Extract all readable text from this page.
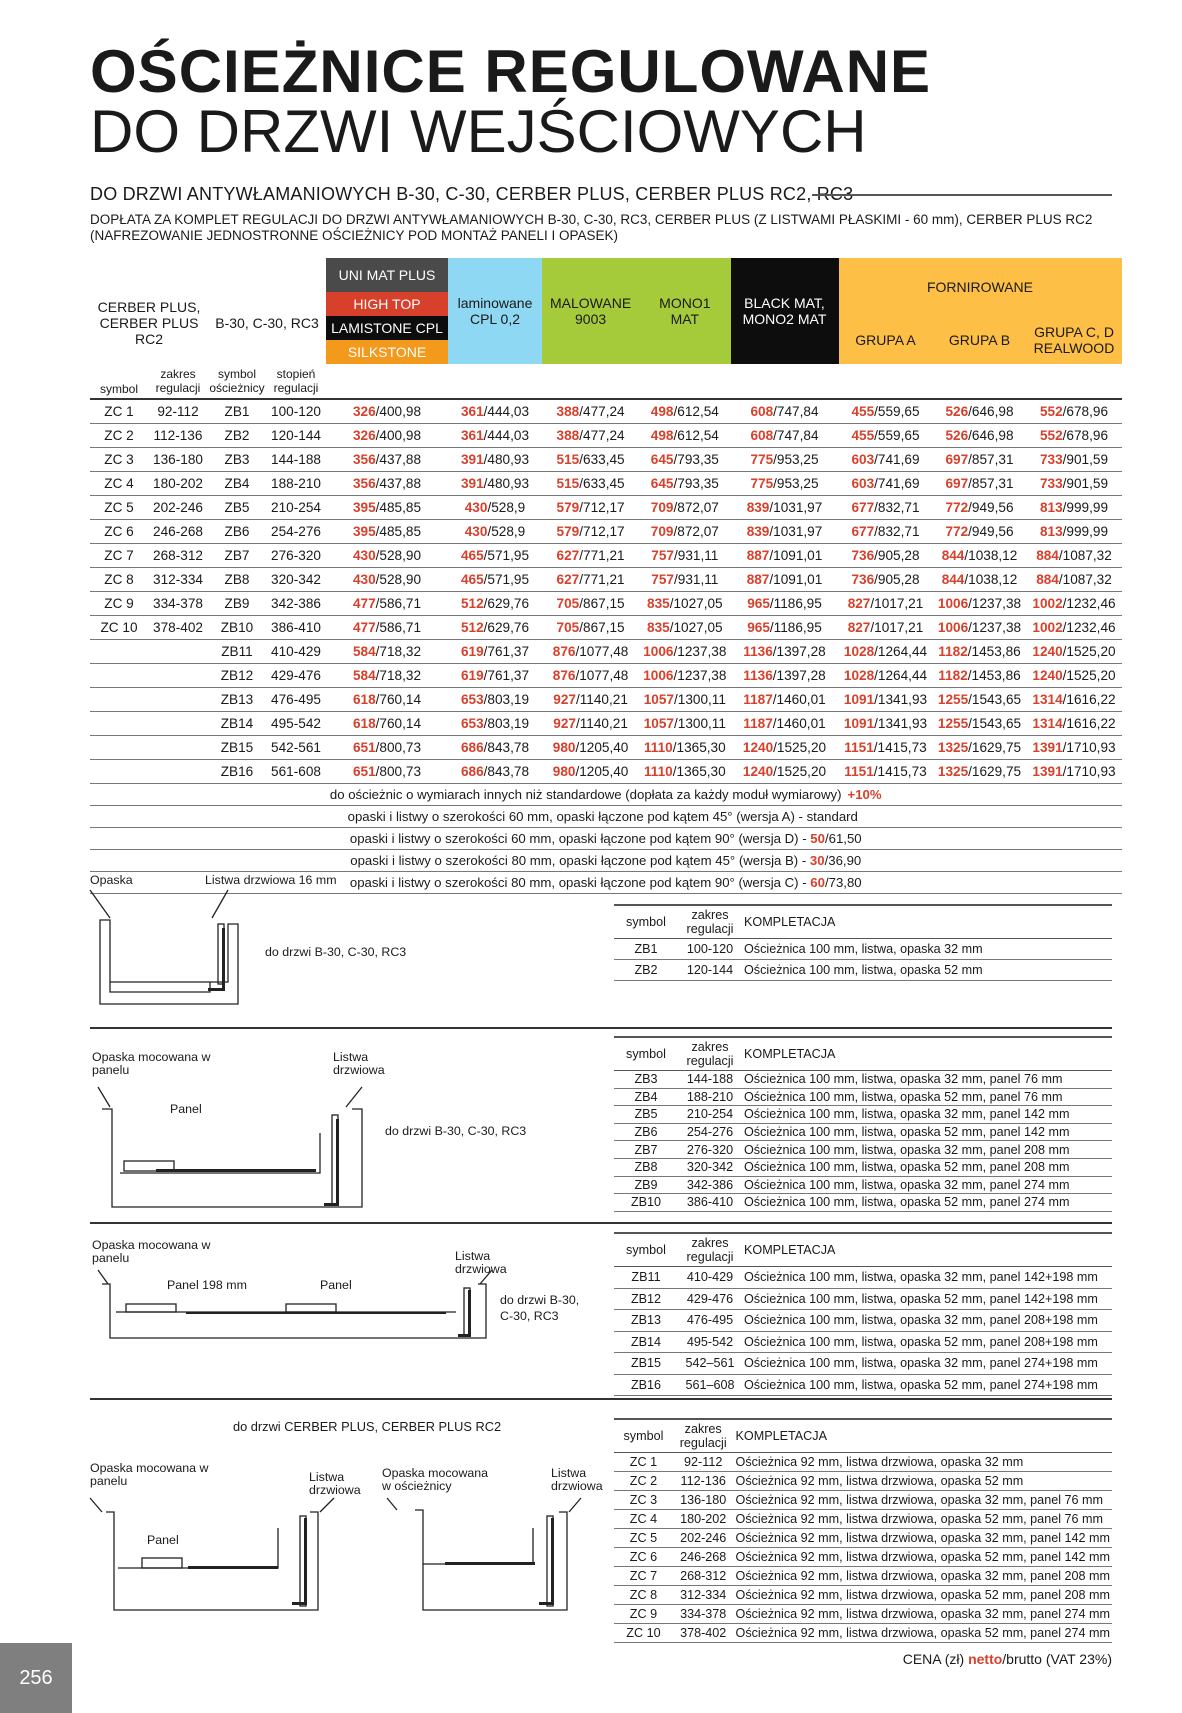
OŚCIEŻNICE REGULOWANE
DO DRZWI WEJŚCIOWYCH
DO DRZWI ANTYWŁAMANIOWYCH B-30, C-30, CERBER PLUS, CERBER PLUS RC2, RC3
DOPŁATA ZA KOMPLET REGULACJI DO DRZWI ANTYWŁAMANIOWYCH B-30, C-30, RC3, CERBER PLUS (Z LISTWAMI PŁASKIMI - 60 mm), CERBER PLUS RC2 (NAFREZOWANIE JEDNOSTRONNE OŚCIEŻNICY POD MONTAŻ PANELI I OPASEK)
CERBER PLUS, CERBER PLUS RC2		B-30, C-30, RC3		UNI MAT PLUS	laminowane CPL 0,2	MALOWANE 9003	MONO1 MAT	BLACK MAT, MONO2 MAT	FORNIROWANE		
				HIGH TOP							
				LAMISTONE CPL					GRUPA A	GRUPA B	GRUPA C, D REALWOOD
				SILKSTONE							
symbol	zakres regulacji	symbol ościeżnicy	stopień regulacji								
ZC 1	92-112	ZB1	100-120	326/400,98	361/444,03	388/477,24	498/612,54	608/747,84	455/559,65	526/646,98	552/678,96
ZC 2	112-136	ZB2	120-144	326/400,98	361/444,03	388/477,24	498/612,54	608/747,84	455/559,65	526/646,98	552/678,96
ZC 3	136-180	ZB3	144-188	356/437,88	391/480,93	515/633,45	645/793,35	775/953,25	603/741,69	697/857,31	733/901,59
ZC 4	180-202	ZB4	188-210	356/437,88	391/480,93	515/633,45	645/793,35	775/953,25	603/741,69	697/857,31	733/901,59
ZC 5	202-246	ZB5	210-254	395/485,85	430/528,9	579/712,17	709/872,07	839/1031,97	677/832,71	772/949,56	813/999,99
ZC 6	246-268	ZB6	254-276	395/485,85	430/528,9	579/712,17	709/872,07	839/1031,97	677/832,71	772/949,56	813/999,99
ZC 7	268-312	ZB7	276-320	430/528,90	465/571,95	627/771,21	757/931,11	887/1091,01	736/905,28	844/1038,12	884/1087,32
ZC 8	312-334	ZB8	320-342	430/528,90	465/571,95	627/771,21	757/931,11	887/1091,01	736/905,28	844/1038,12	884/1087,32
ZC 9	334-378	ZB9	342-386	477/586,71	512/629,76	705/867,15	835/1027,05	965/1186,95	827/1017,21	1006/1237,38	1002/1232,46
ZC 10	378-402	ZB10	386-410	477/586,71	512/629,76	705/867,15	835/1027,05	965/1186,95	827/1017,21	1006/1237,38	1002/1232,46
		ZB11	410-429	584/718,32	619/761,37	876/1077,48	1006/1237,38	1136/1397,28	1028/1264,44	1182/1453,86	1240/1525,20
		ZB12	429-476	584/718,32	619/761,37	876/1077,48	1006/1237,38	1136/1397,28	1028/1264,44	1182/1453,86	1240/1525,20
		ZB13	476-495	618/760,14	653/803,19	927/1140,21	1057/1300,11	1187/1460,01	1091/1341,93	1255/1543,65	1314/1616,22
		ZB14	495-542	618/760,14	653/803,19	927/1140,21	1057/1300,11	1187/1460,01	1091/1341,93	1255/1543,65	1314/1616,22
		ZB15	542-561	651/800,73	686/843,78	980/1205,40	1110/1365,30	1240/1525,20	1151/1415,73	1325/1629,75	1391/1710,93
		ZB16	561-608	651/800,73	686/843,78	980/1205,40	1110/1365,30	1240/1525,20	1151/1415,73	1325/1629,75	1391/1710,93
do ościeżnic o wymiarach innych niż standardowe (dopłata za każdy moduł wymiarowy) +10%											
opaski i listwy o szerokości 60 mm, opaski łączone pod kątem 45° (wersja A) - standard											
opaski i listwy o szerokości 60 mm, opaski łączone pod kątem 90° (wersja D) - 50/61,50											
opaski i listwy o szerokości 80 mm, opaski łączone pod kątem 45° (wersja B) - 30/36,90											
opaski i listwy o szerokości 80 mm, opaski łączone pod kątem 90° (wersja C) - 60/73,80											
Opaska	Listwa drzwiowa 16 mm
do drzwi B-30, C-30, RC3
Opaska mocowana w panelu
Listwa drzwiowa
Panel
do drzwi B-30, C-30, RC3
Opaska mocowana w panelu	Listwa drzwiowa
Panel 198 mm	Panel
do drzwi B-30, C-30, RC3
do drzwi CERBER PLUS, CERBER PLUS RC2
Opaska mocowana w panelu	Listwa drzwiowa
Panel
Opaska mocowana w ościeżnicy
Listwa drzwiowa
symbol	zakres regulacji	KOMPLETACJA
ZB1	100-120	Ościeżnica 100 mm, listwa, opaska 32 mm
ZB2	120-144	Ościeżnica 100 mm, listwa, opaska 52 mm
symbol	zakres regulacji	KOMPLETACJA
ZB3	144-188	Ościeżnica 100 mm, listwa, opaska 32 mm, panel 76 mm
ZB4	188-210	Ościeżnica 100 mm, listwa, opaska 52 mm, panel 76 mm
ZB5	210-254	Ościeżnica 100 mm, listwa, opaska 32 mm, panel 142 mm
ZB6	254-276	Ościeżnica 100 mm, listwa, opaska 52 mm, panel 142 mm
ZB7	276-320	Ościeżnica 100 mm, listwa, opaska 32 mm, panel 208 mm
ZB8	320-342	Ościeżnica 100 mm, listwa, opaska 52 mm, panel 208 mm
ZB9	342-386	Ościeżnica 100 mm, listwa, opaska 32 mm, panel 274 mm
ZB10	386-410	Ościeżnica 100 mm, listwa, opaska 52 mm, panel 274 mm
symbol	zakres regulacji	KOMPLETACJA
ZB11	410-429	Ościeżnica 100 mm, listwa, opaska 32 mm, panel 142+198 mm
ZB12	429-476	Ościeżnica 100 mm, listwa, opaska 52 mm, panel 142+198 mm
ZB13	476-495	Ościeżnica 100 mm, listwa, opaska 32 mm, panel 208+198 mm
ZB14	495-542	Ościeżnica 100 mm, listwa, opaska 52 mm, panel 208+198 mm
ZB15	542–561	Ościeżnica 100 mm, listwa, opaska 32 mm, panel 274+198 mm
ZB16	561–608	Ościeżnica 100 mm, listwa, opaska 52 mm, panel 274+198 mm
symbol	zakres regulacji	KOMPLETACJA
ZC 1	92-112	Ościeżnica 92 mm, listwa drzwiowa, opaska 32 mm
ZC 2	112-136	Ościeżnica 92 mm, listwa drzwiowa, opaska 52 mm
ZC 3	136-180	Ościeżnica 92 mm, listwa drzwiowa, opaska 32 mm, panel 76 mm
ZC 4	180-202	Ościeżnica 92 mm, listwa drzwiowa, opaska 52 mm, panel 76 mm
ZC 5	202-246	Ościeżnica 92 mm, listwa drzwiowa, opaska 32 mm, panel 142 mm
ZC 6	246-268	Ościeżnica 92 mm, listwa drzwiowa, opaska 52 mm, panel 142 mm
ZC 7	268-312	Ościeżnica 92 mm, listwa drzwiowa, opaska 32 mm, panel 208 mm
ZC 8	312-334	Ościeżnica 92 mm, listwa drzwiowa, opaska 52 mm, panel 208 mm
ZC 9	334-378	Ościeżnica 92 mm, listwa drzwiowa, opaska 32 mm, panel 274 mm
ZC 10	378-402	Ościeżnica 92 mm, listwa drzwiowa, opaska 52 mm, panel 274 mm
256
CENA (zł) netto/brutto (VAT 23%)
